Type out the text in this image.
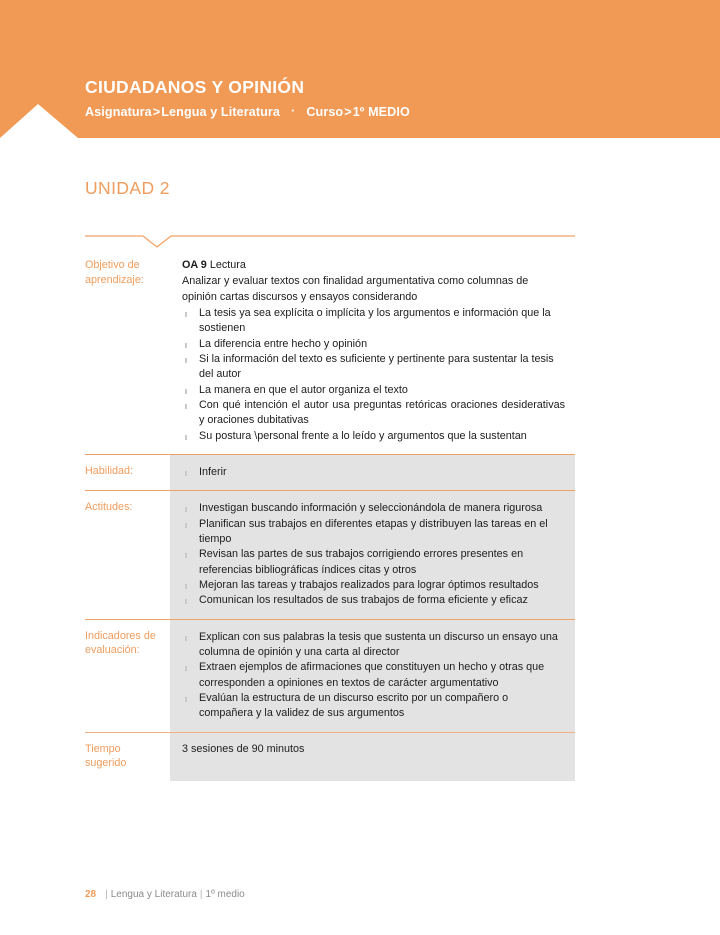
CIUDADANOS Y OPINIÓN
Asignatura>Lengua y Literatura · Curso>1º MEDIO
UNIDAD 2
Objetivo de aprendizaje:
OA 9 Lectura
Analizar y evaluar textos con finalidad argumentativa como columnas de opinión cartas discursos y ensayos considerando
La tesis ya sea explícita o implícita y los argumentos e información que la sostienen
La diferencia entre hecho y opinión
Si la información del texto es suficiente y pertinente para sustentar la tesis del autor
La manera en que el autor organiza el texto
Con qué intención el autor usa preguntas retóricas oraciones desiderativas y oraciones dubitativas
Su postura \personal frente a lo leído y argumentos que la sustentan
Habilidad:	Inferir
Actitudes:	Investigan buscando información y seleccionándola de manera rigurosa
Planifican sus trabajos en diferentes etapas y distribuyen las tareas en el tiempo
Revisan las partes de sus trabajos corrigiendo errores presentes en referencias bibliográficas índices citas y otros
Mejoran las tareas y trabajos realizados para lograr óptimos resultados
Comunican los resultados de sus trabajos de forma eficiente y eficaz
Indicadores de evaluación:
Explican con sus palabras la tesis que sustenta un discurso un ensayo una columna de opinión y una carta al director
Extraen ejemplos de afirmaciones que constituyen un hecho y otras que corresponden a opiniones en textos de carácter argumentativo
Evalúan la estructura de un discurso escrito por un compañero o compañera y la validez de sus argumentos
Tiempo sugerido
3 sesiones de 90 minutos
28 | Lengua y Literatura | 1º medio
